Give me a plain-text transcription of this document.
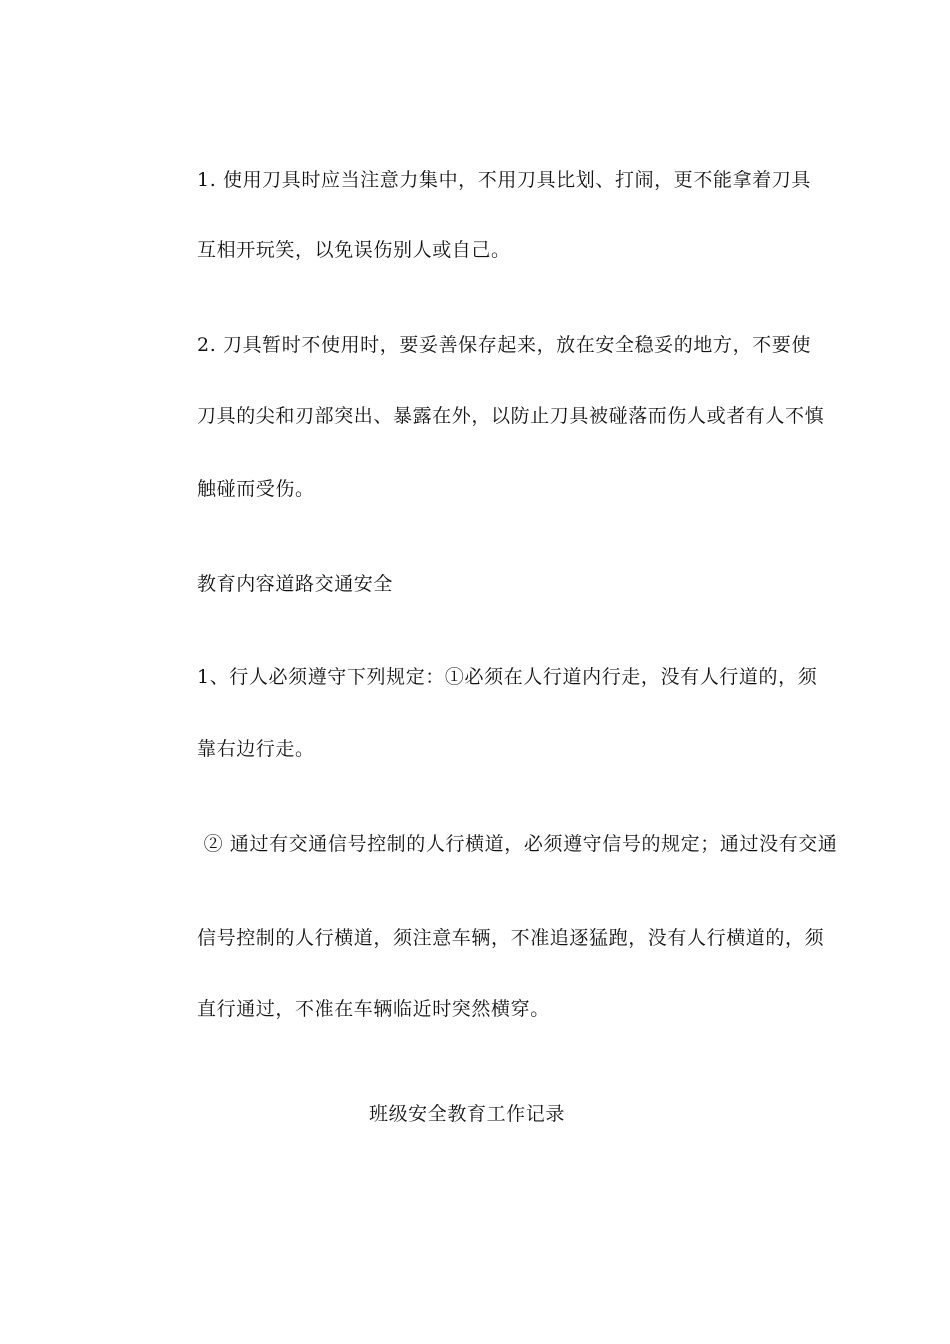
1. 使用刀具时应当注意力集中，不用刀具比划、打闹，更不能拿着刀具
互相开玩笑，以免误伤别人或自己。
2. 刀具暂时不使用时，要妥善保存起来，放在安全稳妥的地方，不要使
刀具的尖和刃部突出、暴露在外，以防止刀具被碰落而伤人或者有人不慎
触碰而受伤。
教育内容道路交通安全
1、行人必须遵守下列规定：①必须在人行道内行走，没有人行道的，须
靠右边行走。
② 通过有交通信号控制的人行横道，必须遵守信号的规定；通过没有交通
信号控制的人行横道，须注意车辆，不准追逐猛跑，没有人行横道的，须
直行通过，不准在车辆临近时突然横穿。
班级安全教育工作记录
